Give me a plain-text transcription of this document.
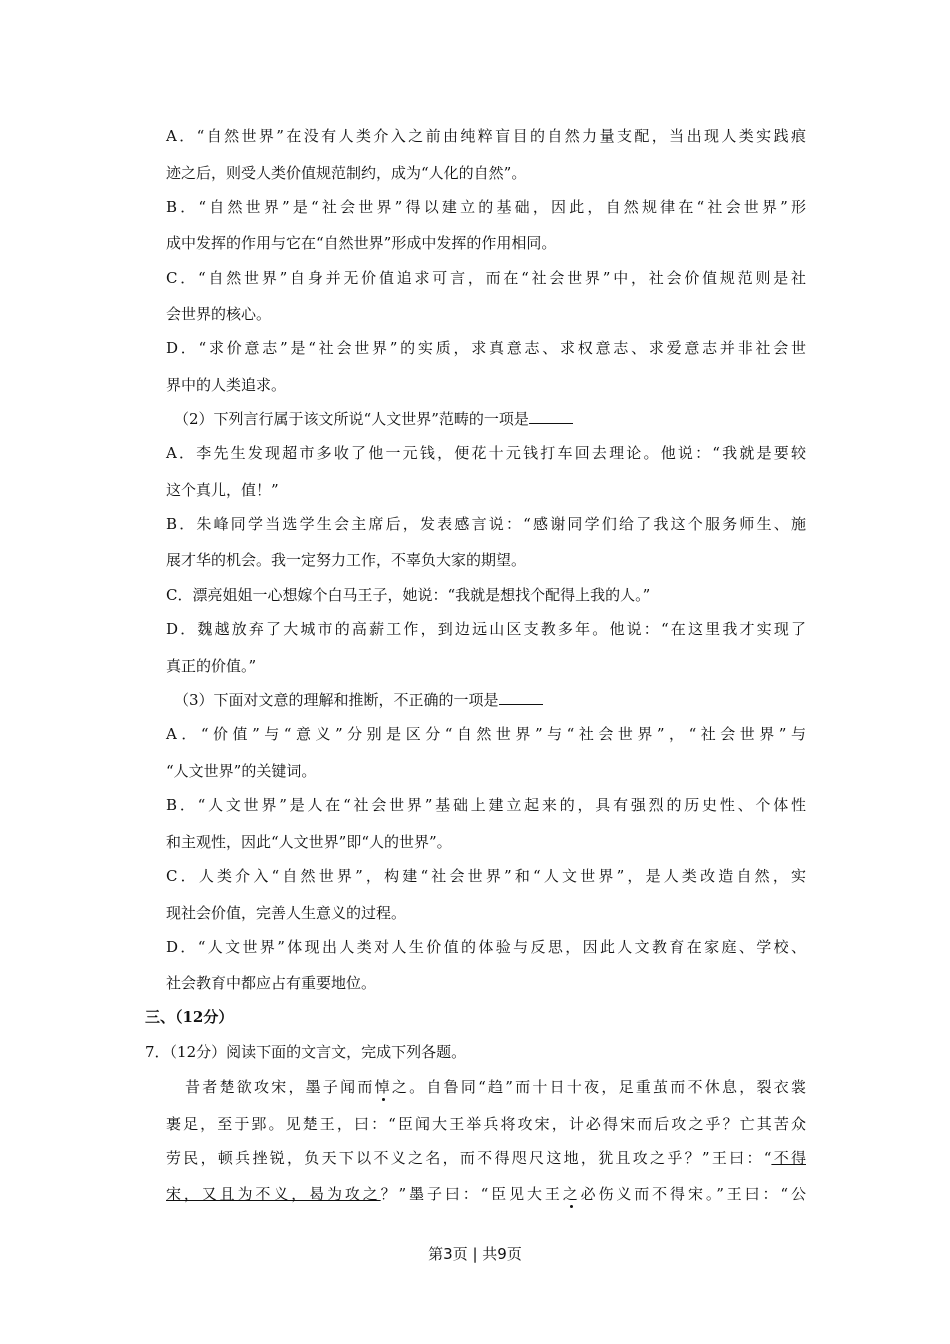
A．“自然世界”在没有人类介入之前由纯粹盲目的自然力量支配，当出现人类实践痕
迹之后，则受人类价值规范制约，成为“人化的自然”。
B．“自然世界”是“社会世界”得以建立的基础，因此，自然规律在“社会世界”形
成中发挥的作用与它在“自然世界”形成中发挥的作用相同。
C．“自然世界”自身并无价值追求可言，而在“社会世界”中，社会价值规范则是社
会世界的核心。
D．“求价意志”是“社会世界”的实质，求真意志、求权意志、求爱意志并非社会世
界中的人类追求。
（2）下列言行属于该文所说“人文世界”范畴的一项是
A．李先生发现超市多收了他一元钱，便花十元钱打车回去理论。他说：“我就是要较
这个真儿，值！”
B．朱峰同学当选学生会主席后，发表感言说：“感谢同学们给了我这个服务师生、施
展才华的机会。我一定努力工作，不辜负大家的期望。
C．漂亮姐姐一心想嫁个白马王子，她说：“我就是想找个配得上我的人。”
D．魏越放弃了大城市的高薪工作，到边远山区支教多年。他说：“在这里我才实现了
真正的价值。”
（3）下面对文意的理解和推断，不正确的一项是
A．“价值”与“意义”分别是区分“自然世界”与“社会世界”，“社会世界”与
“人文世界”的关键词。
B．“人文世界”是人在“社会世界”基础上建立起来的，具有强烈的历史性、个体性
和主观性，因此“人文世界”即“人的世界”。
C．人类介入“自然世界”，构建“社会世界”和“人文世界”，是人类改造自然，实
现社会价值，完善人生意义的过程。
D．“人文世界”体现出人类对人生价值的体验与反思，因此人文教育在家庭、学校、
社会教育中都应占有重要地位。
三、（12分）
7．（12分）阅读下面的文言文，完成下列各题。
昔者楚欲攻宋，墨子闻而悼之。自鲁同“趋”而十日十夜，足重茧而不休息，裂衣裳
裹足，至于郢。见楚王，曰：“臣闻大王举兵将攻宋，计必得宋而后攻之乎？亡其苦众
劳民，顿兵挫锐，负天下以不义之名，而不得咫尺这地，犹且攻之乎？”王曰：“不得
宋，又且为不义，曷为攻之？”墨子曰：“臣见大王之必伤义而不得宋。”王曰：“公
第3页 | 共9页
